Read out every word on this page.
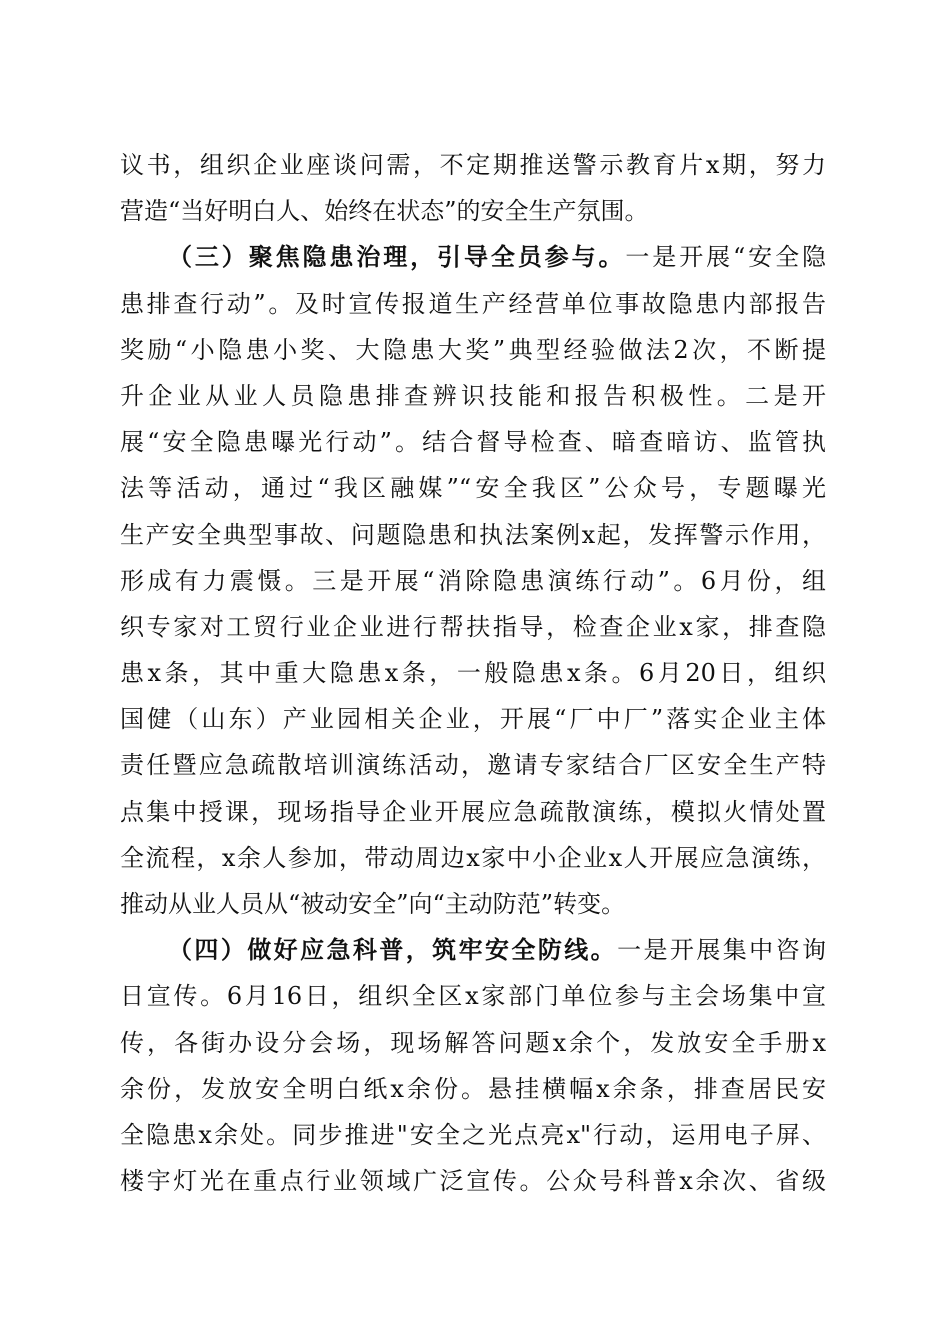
议书，组织企业座谈问需，不定期推送警示教育片x期，努力
营造“当好明白人、始终在状态”的安全生产氛围。
（三）聚焦隐患治理，引导全员参与。一是开展“安全隐
患排查行动”。及时宣传报道生产经营单位事故隐患内部报告
奖励“小隐患小奖、大隐患大奖”典型经验做法2次，不断提
升企业从业人员隐患排查辨识技能和报告积极性。二是开
展“安全隐患曝光行动”。结合督导检查、暗查暗访、监管执
法等活动，通过“我区融媒”“安全我区”公众号，专题曝光
生产安全典型事故、问题隐患和执法案例x起，发挥警示作用，
形成有力震慑。三是开展“消除隐患演练行动”。6月份，组
织专家对工贸行业企业进行帮扶指导，检查企业x家，排查隐
患x条，其中重大隐患x条，一般隐患x条。6月20日，组织
国健（山东）产业园相关企业，开展“厂中厂”落实企业主体
责任暨应急疏散培训演练活动，邀请专家结合厂区安全生产特
点集中授课，现场指导企业开展应急疏散演练，模拟火情处置
全流程，x余人参加，带动周边x家中小企业x人开展应急演练，
推动从业人员从“被动安全”向“主动防范”转变。
（四）做好应急科普，筑牢安全防线。一是开展集中咨询
日宣传。6月16日，组织全区x家部门单位参与主会场集中宣
传，各街办设分会场，现场解答问题x余个，发放安全手册x
余份，发放安全明白纸x余份。悬挂横幅x余条，排查居民安
全隐患x余处。同步推进"安全之光点亮x"行动，运用电子屏、
楼宇灯光在重点行业领域广泛宣传。公众号科普x余次、省级
